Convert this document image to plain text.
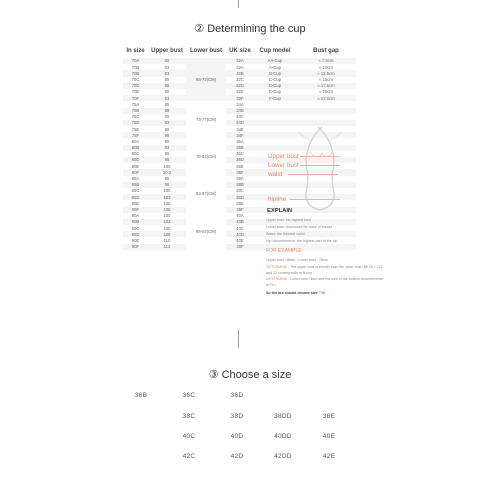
② Determining the cup
In size	Upper bust	Lower bust	UK size	Cup model	Bust gap
70A	80	68-72(CM)	32A	AA-Cup	≈ 7.5cm
70B	83		32A	A-Cup	≈ 10cm
70B	83		32B	B-Cup	≈ 12.5cm
70C	85		32C	C-Cup	≈ 15cm
70D	88		32D	D-Cup	≈ 17.5cm
70E	90		32E	E-Cup	≈ 20cm
70F	93		32F	F-Cup	≈ 22.5cm
75A	85	73-77(CM)	34A		
75B	88		34B		
75C	90		34C		
75D	93		34D		
75E	95		34E		
75F	98		34F		
80A	90	78-82(CM)	36A		
80B	93		36B		
80C	95		36C		
80D	98		36D		
80E	100		36E		
80F	10.3		36F		
85A	95	83-87(CM)	38A		
85B	98		38B		
85C	100		38C		
85D	103		38D		
85E	105		38E		
85F	108		38F		
90A	100	88-92(CM)	40A		
90B	103		40B		
90C	105		40C		
90D	108		40D		
90E	110		40E		
90F	113		40F		
Upper bust
Lower bust
waist
hipline
EXPLAIN
Upper bust: the highest bust
Lower bust: downward the base of breast
Waist: the thinnest waist
Hip circumference: the highest part of the hip
FOR EXAMPLE:
Upper bust : 88cm , Lower bust : 76cm
DETERMINE : The upper bust is shorter than the lower bust (88-76 = 12), and 12 corresponds to B cup
DETERMINE : Lower bust 76cm see the size of the bottom circumference is 75 L
So the bra should choose size 75B
③ Choose a size
36B	36C	36D
38C	38D	38DD	38E
40C	40D	40DD	40E
42C	42D	42DD	42E
